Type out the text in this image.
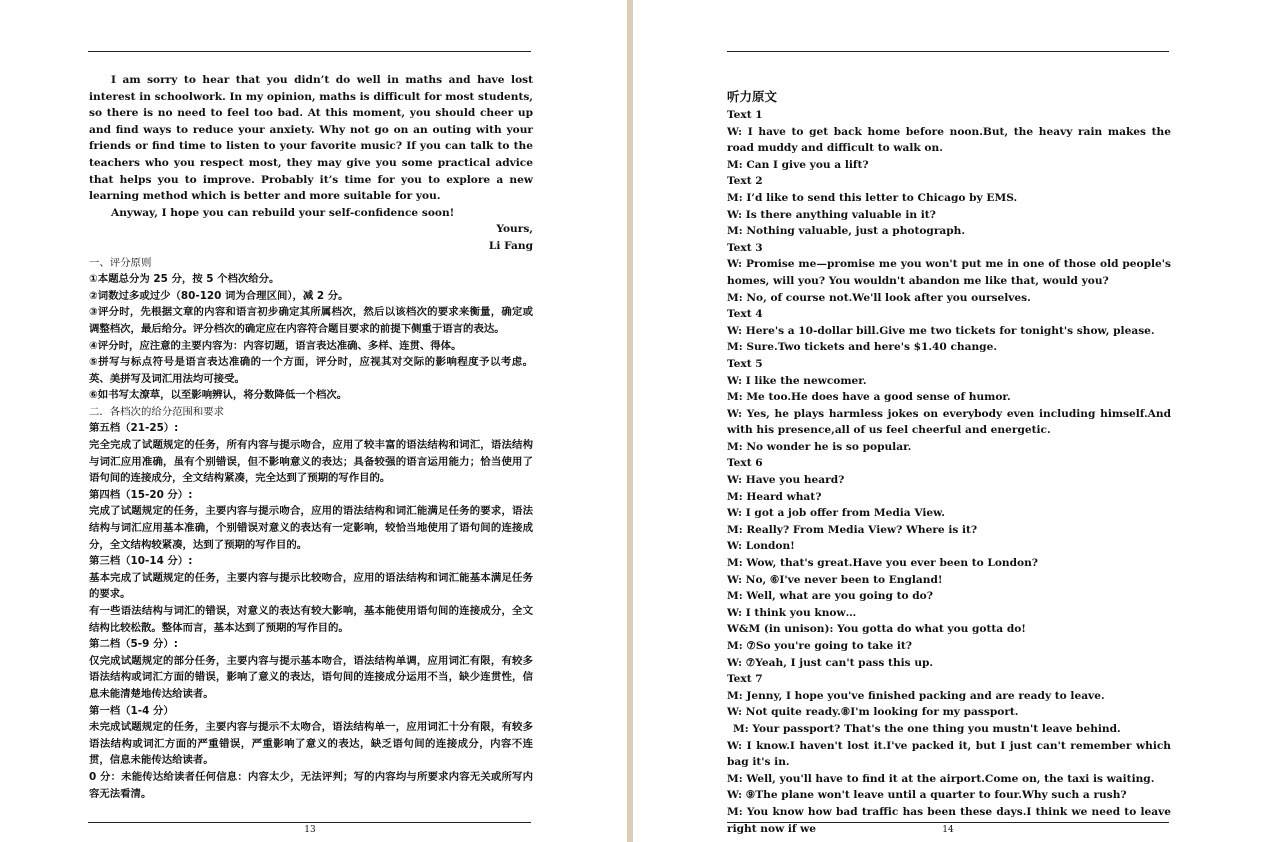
I am sorry to hear that you didn’t do well in maths and have lost interest in schoolwork. In my opinion, maths is difficult for most students, so there is no need to feel too bad. At this moment, you should cheer up and find ways to reduce your anxiety. Why not go on an outing with your friends or find time to listen to your favorite music? If you can talk to the teachers who you respect most, they may give you some practical advice that helps you to improve. Probably it’s time for you to explore a new learning method which is better and more suitable for you.

Anyway, I hope you can rebuild your self-confidence soon!

Yours,

Li Fang

一、评分原则

①本题总分为 25 分，按 5 个档次给分。

②词数过多或过少（80-120 词为合理区间），减 2 分。

③评分时，先根据文章的内容和语言初步确定其所属档次，然后以该档次的要求来衡量，确定或调整档次，最后给分。评分档次的确定应在内容符合题目要求的前提下侧重于语言的表达。

④评分时，应注意的主要内容为：内容切题，语言表达准确、多样、连贯、得体。

⑤拼写与标点符号是语言表达准确的一个方面，评分时，应视其对交际的影响程度予以考虑。英、美拼写及词汇用法均可接受。

⑥如书写太潦草，以至影响辨认，将分数降低一个档次。

二．各档次的给分范围和要求

第五档（21-25）:

完全完成了试题规定的任务，所有内容与提示吻合，应用了较丰富的语法结构和词汇，语法结构与词汇应用准确，虽有个别错误，但不影响意义的表达；具备较强的语言运用能力；恰当使用了语句间的连接成分，全文结构紧凑，完全达到了预期的写作目的。

第四档（15-20 分）:

完成了试题规定的任务，主要内容与提示吻合，应用的语法结构和词汇能满足任务的要求，语法结构与词汇应用基本准确，个别错误对意义的表达有一定影响，较恰当地使用了语句间的连接成分，全文结构较紧凑，达到了预期的写作目的。

第三档（10-14 分）:

基本完成了试题规定的任务，主要内容与提示比较吻合，应用的语法结构和词汇能基本满足任务的要求。

有一些语法结构与词汇的错误，对意义的表达有较大影响，基本能使用语句间的连接成分，全文结构比较松散。整体而言，基本达到了预期的写作目的。

第二档（5-9 分）:

仅完成试题规定的部分任务，主要内容与提示基本吻合，语法结构单调，应用词汇有限，有较多语法结构或词汇方面的错误，影响了意义的表达，语句间的连接成分运用不当，缺少连贯性，信息未能清楚地传达给读者。

第一档（1-4 分）

未完成试题规定的任务，主要内容与提示不太吻合，语法结构单一，应用词汇十分有限，有较多语法结构或词汇方面的严重错误，严重影响了意义的表达，缺乏语句间的连接成分，内容不连贯，信息未能传达给读者。

0 分：未能传达给读者任何信息：内容太少，无法评判；写的内容均与所要求内容无关或所写内容无法看清。

13

听力原文

Text 1

W: I have to get back home before noon.But, the heavy rain makes the road muddy and difficult to walk on.

M: Can I give you a lift?

Text 2

M: I’d like to send this letter to Chicago by EMS.

W: Is there anything valuable in it?

M: Nothing valuable, just a photograph.

Text 3

W: Promise me—promise me you won't put me in one of those old people's homes, will you? You wouldn't abandon me like that, would you?

M: No, of course not.We'll look after you ourselves.

Text 4

W: Here's a 10-dollar bill.Give me two tickets for tonight's show, please.

M: Sure.Two tickets and here's $1.40 change.

Text 5

W: I like the newcomer.

M: Me too.He does have a good sense of humor.

W: Yes, he plays harmless jokes on everybody even including himself.And with his presence,all of us feel cheerful and energetic.

M: No wonder he is so popular.

Text 6

W: Have you heard?

M: Heard what?

W: I got a job offer from Media View.

M: Really? From Media View? Where is it?

W: London!

M: Wow, that's great.Have you ever been to London?

W: No, ⑥I've never been to England!

M: Well, what are you going to do?

W: I think you know…

W&M (in unison): You gotta do what you gotta do!

M: ⑦So you're going to take it?

W: ⑦Yeah, I just can't pass this up.

Text 7

M: Jenny, I hope you've finished packing and are ready to leave.

W: Not quite ready.⑧I'm looking for my passport.

M: Your passport? That's the one thing you mustn't leave behind.

W: I know.I haven't lost it.I've packed it, but I just can't remember which bag it's in.

M: Well, you'll have to find it at the airport.Come on, the taxi is waiting.

W: ⑨The plane won't leave until a quarter to four.Why such a rush?

M: You know how bad traffic has been these days.I think we need to leave right now if we	14
